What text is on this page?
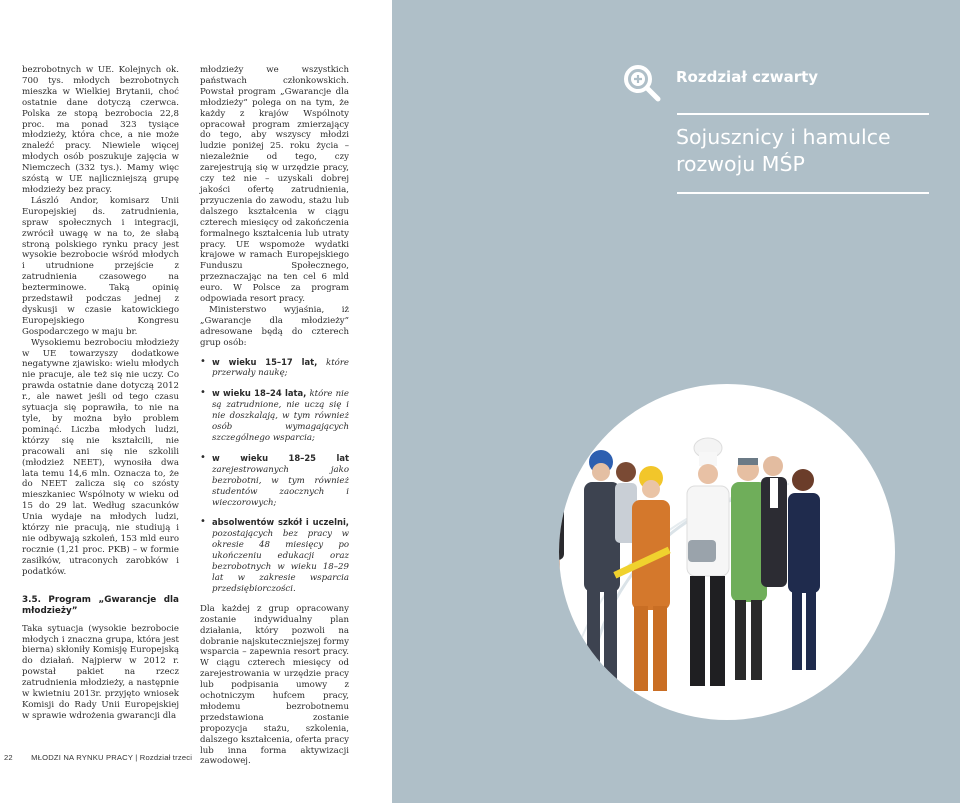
bezrobotnych w UE. Kolejnych ok. 700 tys. młodych bezrobotnych mieszka w Wielkiej Brytanii, choć ostatnie dane dotyczą czerwca. Polska ze stopą bezrobocia 22,8 proc. ma ponad 323 tysiące młodzieży, która chce, a nie może znaleźć pracy. Niewiele więcej młodych osób poszukuje zajęcia w Niemczech (332 tys.). Mamy więc szóstą w UE najliczniejszą grupę młodzieży bez pracy.

László Andor, komisarz Unii Europejskiej ds. zatrudnienia, spraw społecznych i integracji, zwrócił uwagę w na to, że słabą stroną polskiego rynku pracy jest wysokie bezrobocie wśród młodych i utrudnione przejście z zatrudnienia czasowego na bezterminowe. Taką opinię przedstawił podczas jednej z dyskusji w czasie katowickiego Europejskiego Kongresu Gospodarczego w maju br.

Wysokiemu bezrobociu młodzieży w UE towarzyszy dodatkowe negatywne zjawisko: wielu młodych nie pracuje, ale też się nie uczy. Co prawda ostatnie dane dotyczą 2012 r., ale nawet jeśli od tego czasu sytuacja się poprawiła, to nie na tyle, by można było problem pominąć. Liczba młodych ludzi, którzy się nie kształcili, nie pracowali ani się nie szkolili (młodzież NEET), wynosiła dwa lata temu 14,6 mln. Oznacza to, że do NEET zalicza się co szósty mieszkaniec Wspólnoty w wieku od 15 do 29 lat. Według szacunków Unia wydaje na młodych ludzi, którzy nie pracują, nie studiują i nie odbywają szkoleń, 153 mld euro rocznie (1,21 proc. PKB) – w formie zasiłków, utraconych zarobków i podatków.

3.5. Program „Gwarancje dla młodzieży”

Taka sytuacja (wysokie bezrobocie młodych i znaczna grupa, która jest bierna) skłoniły Komisję Europejską do działań. Najpierw w 2012 r. powstał pakiet na rzecz zatrudnienia młodzieży, a następnie w kwietniu 2013r. przyjęto wniosek Komisji do Rady Unii Europejskiej w sprawie wdrożenia gwarancji dla

młodzieży we wszystkich państwach członkowskich. Powstał program „Gwarancje dla młodzieży” polega on na tym, że każdy z krajów Wspólnoty opracował program zmierzający do tego, aby wszyscy młodzi ludzie poniżej 25. roku życia – niezależnie od tego, czy zarejestrują się w urzędzie pracy, czy też nie – uzyskali dobrej jakości ofertę zatrudnienia, przyuczenia do zawodu, stażu lub dalszego kształcenia w ciągu czterech miesięcy od zakończenia formalnego kształcenia lub utraty pracy. UE wspomoże wydatki krajowe w ramach Europejskiego Funduszu Społecznego, przeznaczając na ten cel 6 mld euro. W Polsce za program odpowiada resort pracy.

Ministerstwo wyjaśnia, iż „Gwarancje dla młodzieży” adresowane będą do czterech grup osób:

• w wieku 15–17 lat, które przerwały naukę;
• w wieku 18–24 lata, które nie są zatrudnione, nie uczą się i nie doszkalają, w tym również osób wymagających szczególnego wsparcia;
• w wieku 18–25 lat zarejestrowanych jako bezrobotni, w tym również studentów zaocznych i wieczorowych;
• absolwentów szkół i uczelni, pozostających bez pracy w okresie 48 miesięcy po ukończeniu edukacji oraz bezrobotnych w wieku 18–29 lat w zakresie wsparcia przedsiębiorczości.

Dla każdej z grup opracowany zostanie indywidualny plan działania, który pozwoli na dobranie najskuteczniejszej formy wsparcia – zapewnia resort pracy. W ciągu czterech miesięcy od zarejestrowania w urzędzie pracy lub podpisania umowy z ochotniczym hufcem pracy, młodemu bezrobotnemu przedstawiona zostanie propozycja stażu, szkolenia, dalszego kształcenia, oferta pracy lub inna forma aktywizacji zawodowej.

22 MŁODZI NA RYNKU PRACY | Rozdział trzeci
Rozdział czwarty
Sojusznicy i hamulce
rozwoju MŚP
